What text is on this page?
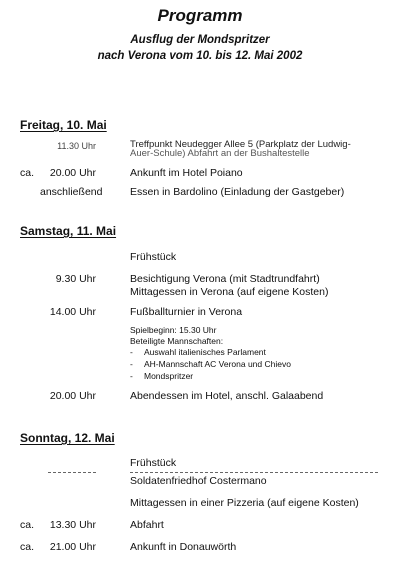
Programm
Ausflug der Mondspritzer
nach Verona vom 10. bis 12. Mai 2002
Freitag, 10. Mai
11.30 Uhr	Treffpunkt Neudegger Allee 5 (Parkplatz der Ludwig-
Auer-Schule) Abfahrt an der Bushaltestelle
ca.	20.00 Uhr	Ankunft im Hotel Poiano
anschließend	Essen in Bardolino (Einladung der Gastgeber)
Samstag, 11. Mai
Frühstück
9.30 Uhr	Besichtigung Verona (mit Stadtrundfahrt)
Mittagessen in Verona (auf eigene Kosten)
14.00 Uhr	Fußballturnier in Verona
Spielbeginn: 15.30 Uhr
Beteiligte Mannschaften:
- Auswahl italienisches Parlament
- AH-Mannschaft AC Verona und Chievo
- Mondspritzer
20.00 Uhr	Abendessen im Hotel, anschl. Galaabend
Sonntag, 12. Mai
Frühstück
Soldatenfriedhof Costermano
Mittagessen in einer Pizzeria (auf eigene Kosten)
ca.	13.30 Uhr	Abfahrt
ca.	21.00 Uhr	Ankunft in Donauwörth
